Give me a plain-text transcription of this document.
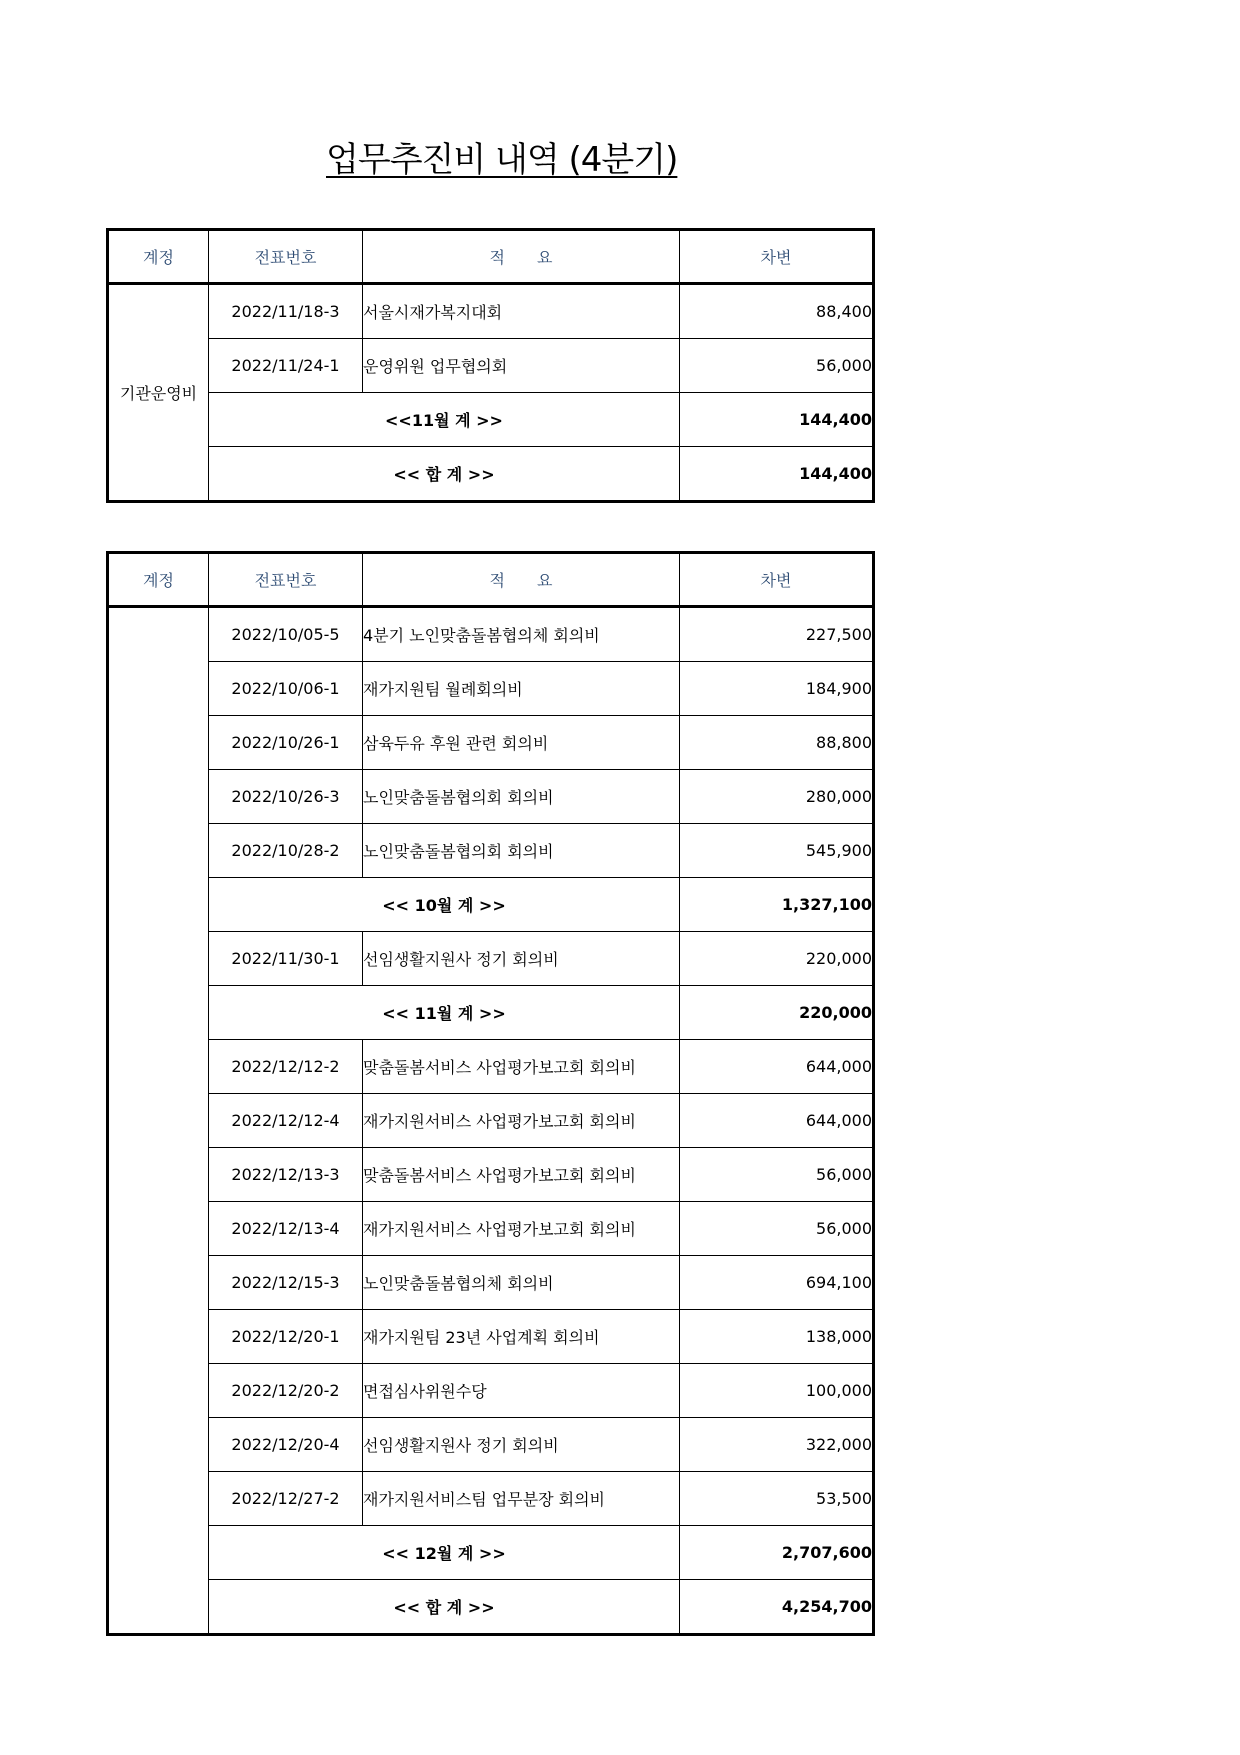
업무추진비 내역 (4분기)
계정	전표번호	적　　요	차변
기관운영비	2022/11/18-3	서울시재가복지대회	88,400
	2022/11/24-1	운영위원 업무협의회	56,000
	<<11월 계 >>		144,400
	<< 합 계 >>		144,400
계정	전표번호	적　　요	차변
	2022/10/05-5	4분기 노인맞춤돌봄협의체 회의비	227,500
	2022/10/06-1	재가지원팀 월례회의비	184,900
	2022/10/26-1	삼육두유 후원 관련 회의비	88,800
	2022/10/26-3	노인맞춤돌봄협의회 회의비	280,000
	2022/10/28-2	노인맞춤돌봄협의회 회의비	545,900
	<< 10월 계 >>		1,327,100
	2022/11/30-1	선임생활지원사 정기 회의비	220,000
	<< 11월 계 >>		220,000
	2022/12/12-2	맞춤돌봄서비스 사업평가보고회 회의비	644,000
	2022/12/12-4	재가지원서비스 사업평가보고회 회의비	644,000
	2022/12/13-3	맞춤돌봄서비스 사업평가보고회 회의비	56,000
	2022/12/13-4	재가지원서비스 사업평가보고회 회의비	56,000
	2022/12/15-3	노인맞춤돌봄협의체 회의비	694,100
	2022/12/20-1	재가지원팀 23년 사업계획 회의비	138,000
	2022/12/20-2	면접심사위원수당	100,000
	2022/12/20-4	선임생활지원사 정기 회의비	322,000
	2022/12/27-2	재가지원서비스팀 업무분장 회의비	53,500
	<< 12월 계 >>		2,707,600
	<< 합 계 >>		4,254,700
